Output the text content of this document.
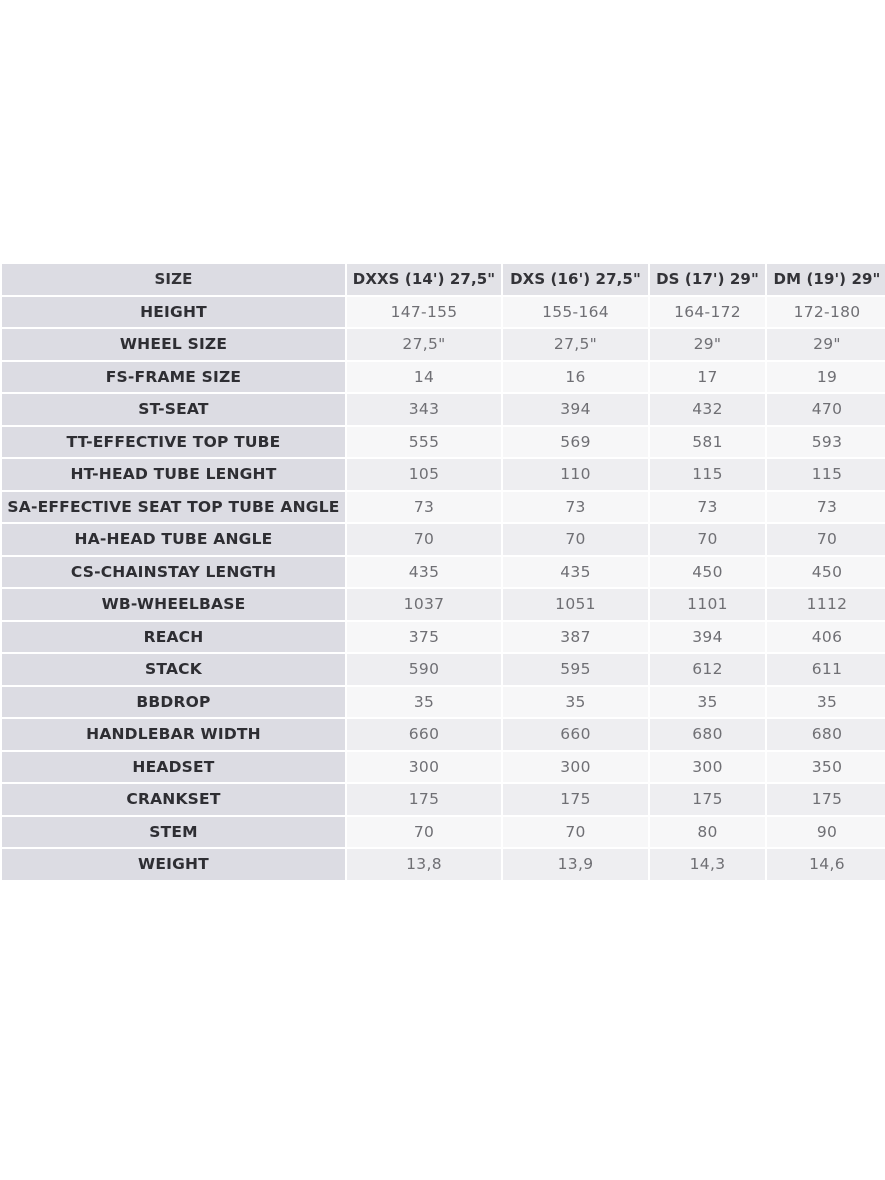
SIZE	DXXS (14') 27,5"	DXS (16') 27,5"	DS (17') 29"	DM (19') 29"
HEIGHT	147-155	155-164	164-172	172-180
WHEEL SIZE	27,5"	27,5"	29"	29"
FS-FRAME SIZE	14	16	17	19
ST-SEAT	343	394	432	470
TT-EFFECTIVE TOP TUBE	555	569	581	593
HT-HEAD TUBE LENGHT	105	110	115	115
SA-EFFECTIVE SEAT TOP TUBE ANGLE	73	73	73	73
HA-HEAD TUBE ANGLE	70	70	70	70
CS-CHAINSTAY LENGTH	435	435	450	450
WB-WHEELBASE	1037	1051	1101	1112
REACH	375	387	394	406
STACK	590	595	612	611
BBDROP	35	35	35	35
HANDLEBAR WIDTH	660	660	680	680
HEADSET	300	300	300	350
CRANKSET	175	175	175	175
STEM	70	70	80	90
WEIGHT	13,8	13,9	14,3	14,6
